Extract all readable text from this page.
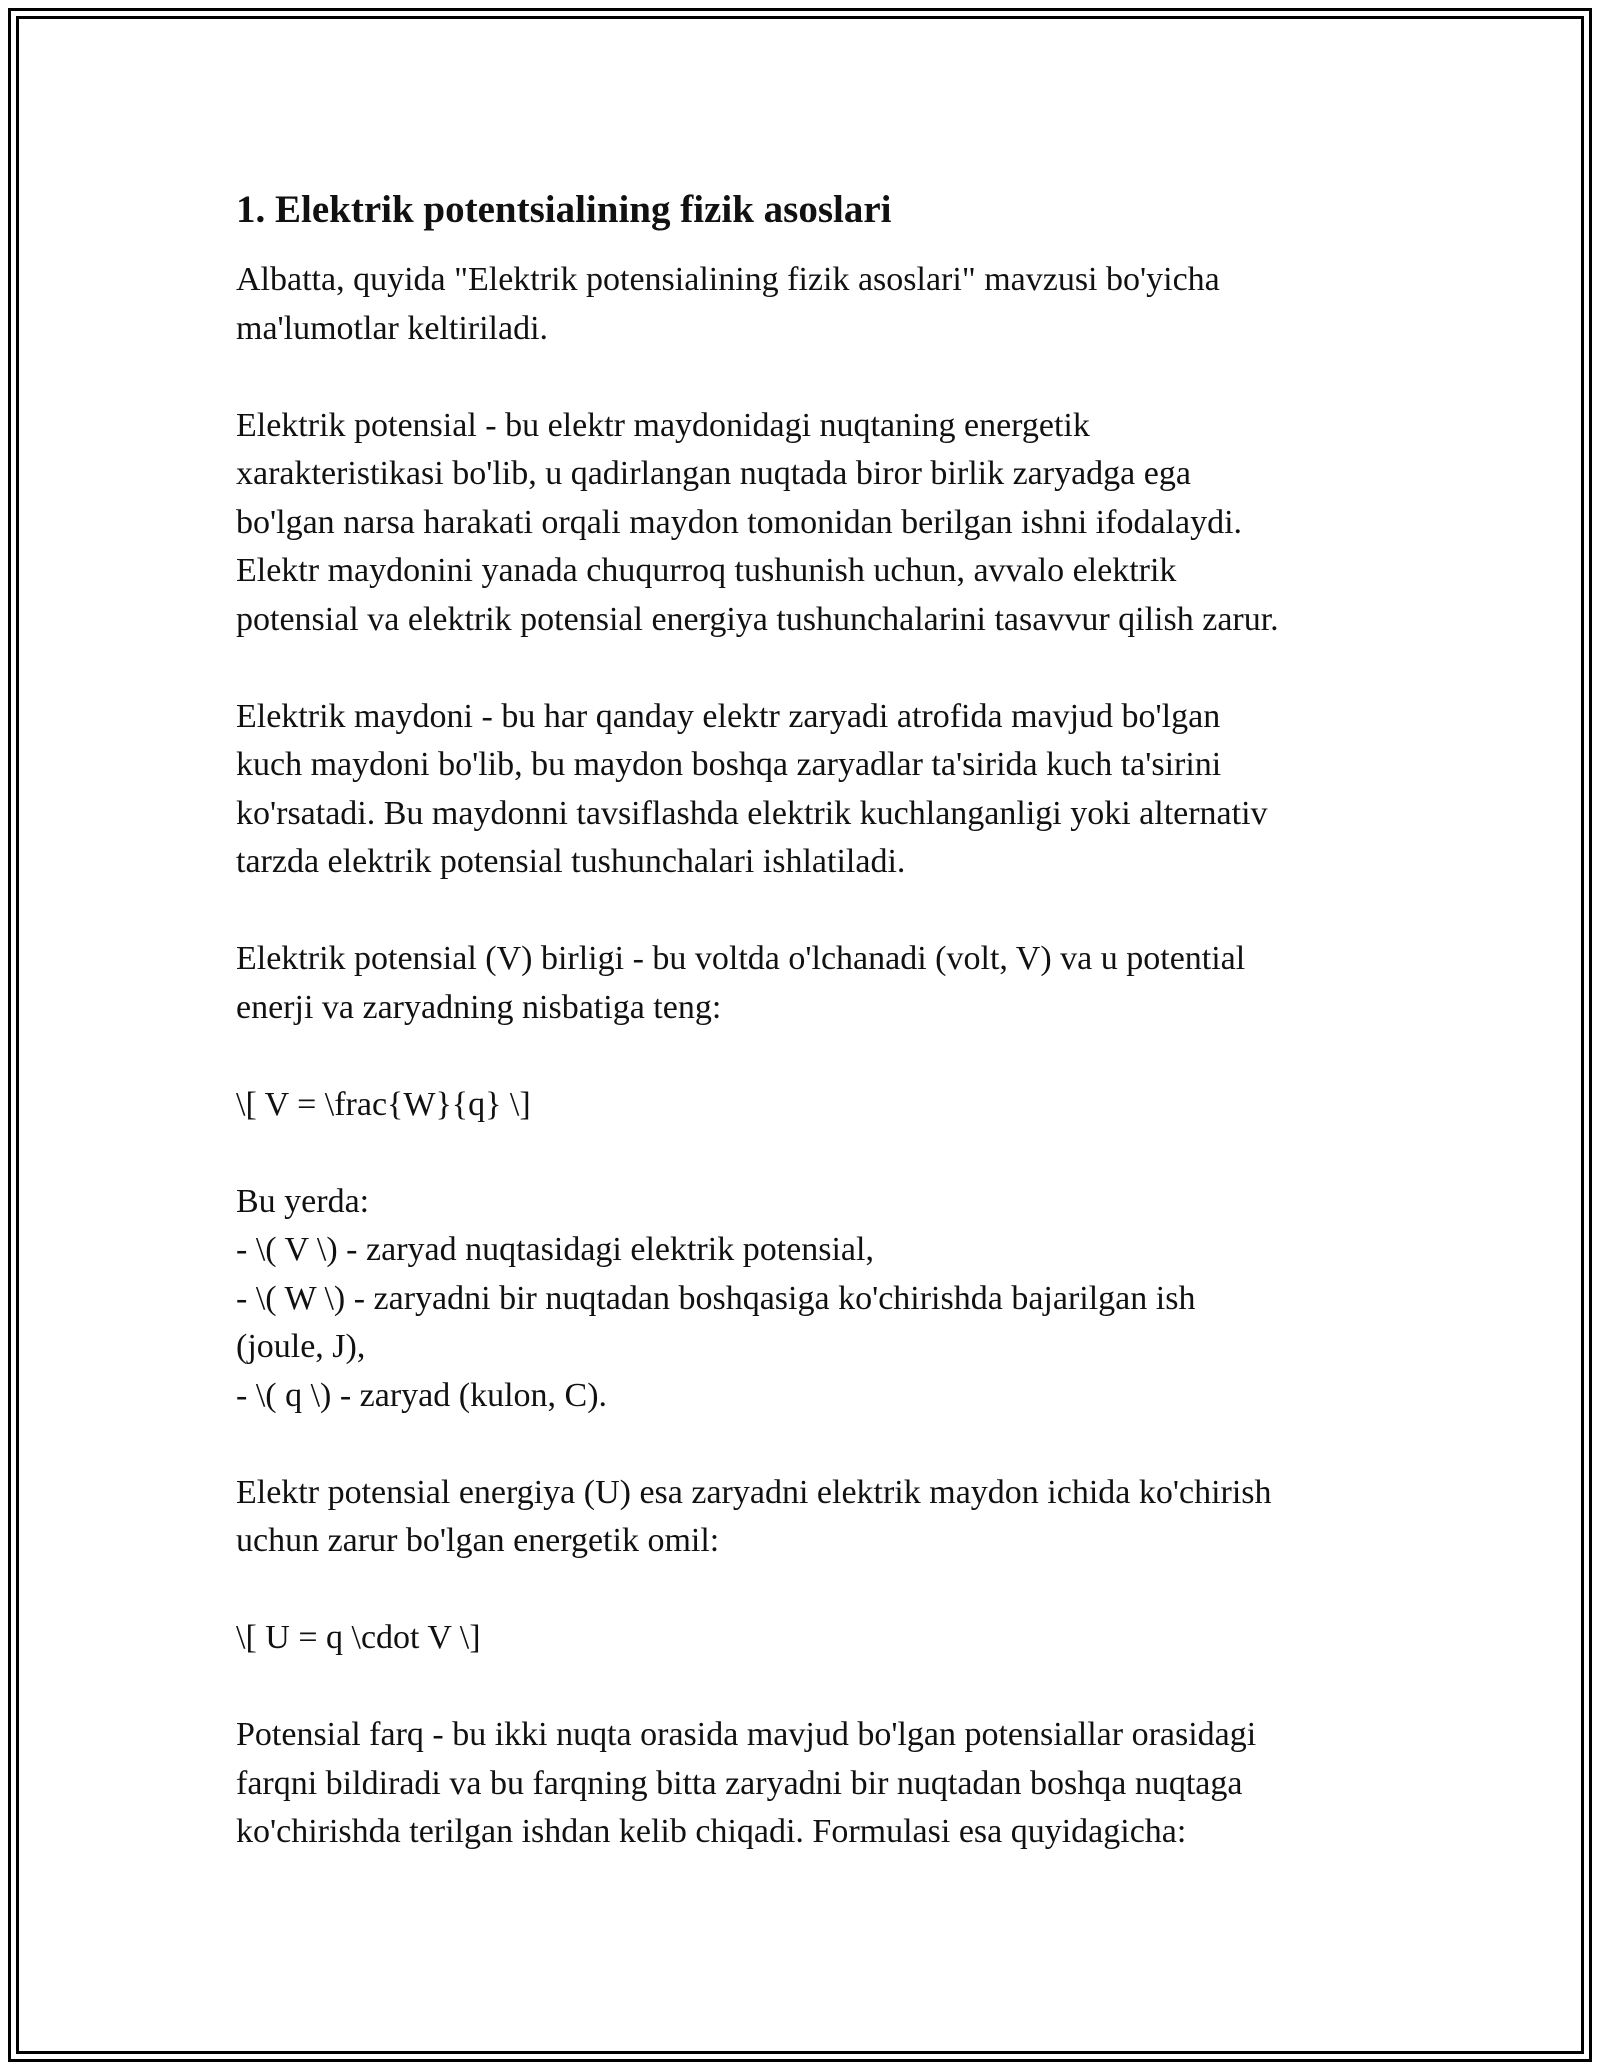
1. Elektrik potentsialining fizik asoslari

Albatta, quyida "Elektrik potensialining fizik asoslari" mavzusi bo'yicha
ma'lumotlar keltiriladi.

Elektrik potensial - bu elektr maydonidagi nuqtaning energetik
xarakteristikasi bo'lib, u qadirlangan nuqtada biror birlik zaryadga ega
bo'lgan narsa harakati orqali maydon tomonidan berilgan ishni ifodalaydi.
Elektr maydonini yanada chuqurroq tushunish uchun, avvalo elektrik
potensial va elektrik potensial energiya tushunchalarini tasavvur qilish zarur.

Elektrik maydoni - bu har qanday elektr zaryadi atrofida mavjud bo'lgan
kuch maydoni bo'lib, bu maydon boshqa zaryadlar ta'sirida kuch ta'sirini
ko'rsatadi. Bu maydonni tavsiflashda elektrik kuchlanganligi yoki alternativ
tarzda elektrik potensial tushunchalari ishlatiladi.

Elektrik potensial (V) birligi - bu voltda o'lchanadi (volt, V) va u potential
enerji va zaryadning nisbatiga teng:

\[ V = \frac{W}{q} \]

Bu yerda:
- \( V \) - zaryad nuqtasidagi elektrik potensial,
- \( W \) - zaryadni bir nuqtadan boshqasiga ko'chirishda bajarilgan ish
(joule, J),
- \( q \) - zaryad (kulon, C).

Elektr potensial energiya (U) esa zaryadni elektrik maydon ichida ko'chirish
uchun zarur bo'lgan energetik omil:

\[ U = q \cdot V \]

Potensial farq - bu ikki nuqta orasida mavjud bo'lgan potensiallar orasidagi
farqni bildiradi va bu farqning bitta zaryadni bir nuqtadan boshqa nuqtaga
ko'chirishda terilgan ishdan kelib chiqadi. Formulasi esa quyidagicha:
